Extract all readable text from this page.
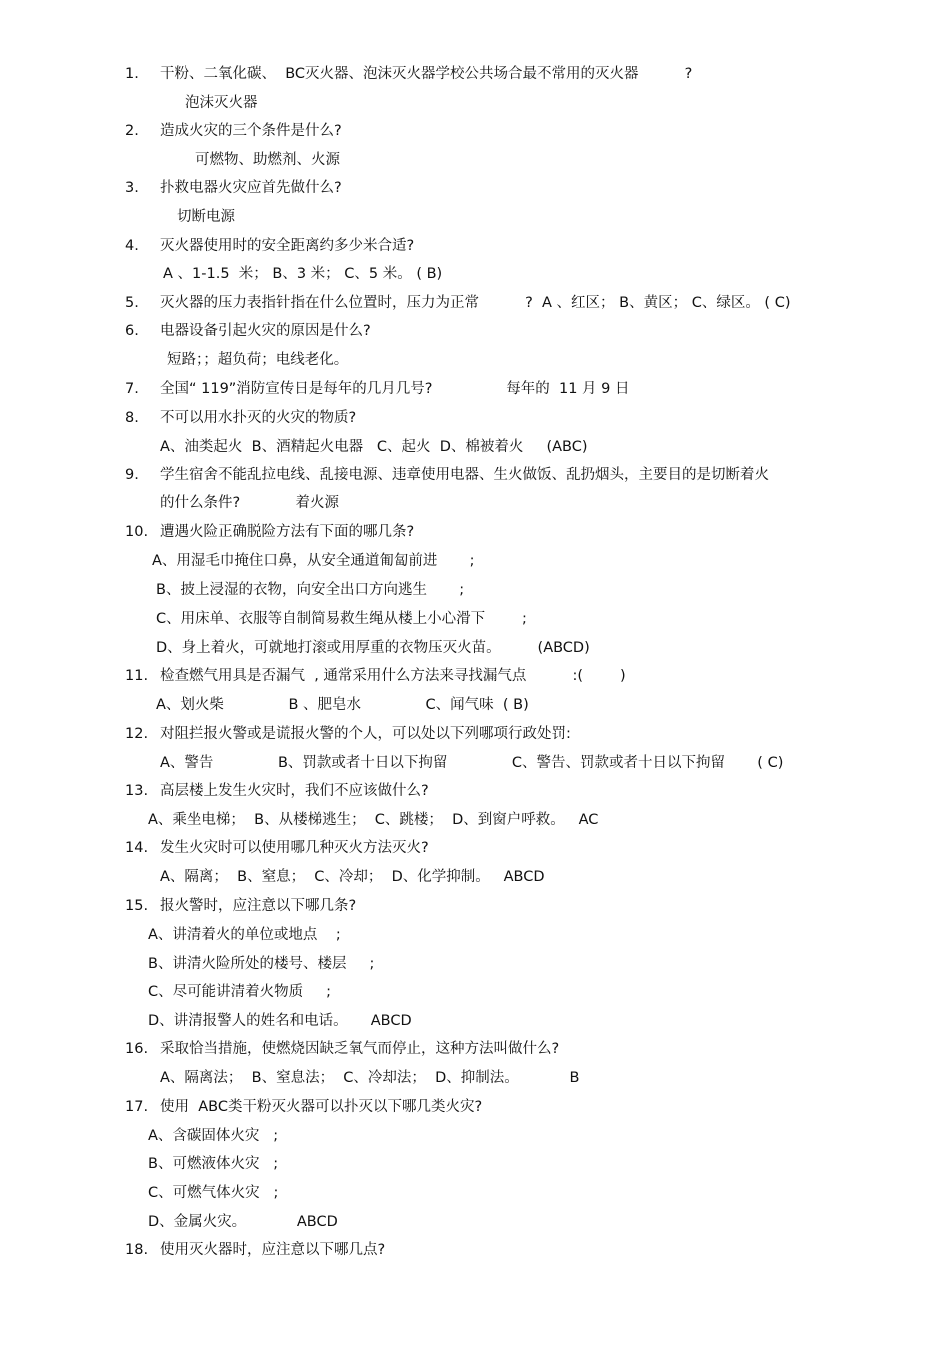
1. 干粉、二氧化碳、  BC灭火器、泡沫灭火器学校公共场合最不常用的灭火器          ?
泡沫灭火器
2. 造成火灾的三个条件是什么?
可燃物、助燃剂、火源
3. 扑救电器火灾应首先做什么?
切断电源
4. 灭火器使用时的安全距离约多少米合适?
A 、1-1.5  米； B、3 米； C、5 米。 ( B)
5. 灭火器的压力表指针指在什么位置时，压力为正常          ?  A 、红区； B、黄区； C、绿区。 ( C)
6. 电器设备引起火灾的原因是什么?
短路；；超负荷；电线老化。
7. 全国“ 119”消防宣传日是每年的几月几号?                每年的  11 月 9 日
8. 不可以用水扑灭的火灾的物质?
A、油类起火  B、酒精起火电器   C、起火  D、棉被着火     (ABC)
9. 学生宿舍不能乱拉电线、乱接电源、违章使用电器、生火做饭、乱扔烟头，主要目的是切断着火
的什么条件?            着火源
10. 遭遇火险正确脱险方法有下面的哪几条?
A、用湿毛巾掩住口鼻，从安全通道匍匐前进       ;
B、披上浸湿的衣物，向安全出口方向逃生       ;
C、用床单、衣服等自制简易救生绳从楼上小心滑下        ;
D、身上着火，可就地打滚或用厚重的衣物压灭火苗。        (ABCD)
11. 检查燃气用具是否漏气  , 通常采用什么方法来寻找漏气点          :(        )
A、划火柴              B 、肥皂水              C、闻气味  ( B)
12. 对阻拦报火警或是谎报火警的个人，可以处以下列哪项行政处罚:
A、警告              B、罚款或者十日以下拘留              C、警告、罚款或者十日以下拘留       ( C)
13. 高层楼上发生火灾时，我们不应该做什么?
A、乘坐电梯；  B、从楼梯逃生；  C、跳楼；  D、到窗户呼救。   AC
14. 发生火灾时可以使用哪几种灭火方法灭火?
A、隔离；  B、窒息；  C、冷却；  D、化学抑制。   ABCD
15. 报火警时，应注意以下哪几条?
A、讲清着火的单位或地点    ;
B、讲清火险所处的楼号、楼层     ;
C、尽可能讲清着火物质     ;
D、讲清报警人的姓名和电话。     ABCD
16. 采取恰当措施，使燃烧因缺乏氧气而停止，这种方法叫做什么?
A、隔离法；  B、窒息法；  C、冷却法；  D、抑制法。           B
17. 使用  ABC类干粉灭火器可以扑灭以下哪几类火灾?
A、含碳固体火灾   ;
B、可燃液体火灾   ;
C、可燃气体火灾   ;
D、金属火灾。           ABCD
18. 使用灭火器时，应注意以下哪几点?
